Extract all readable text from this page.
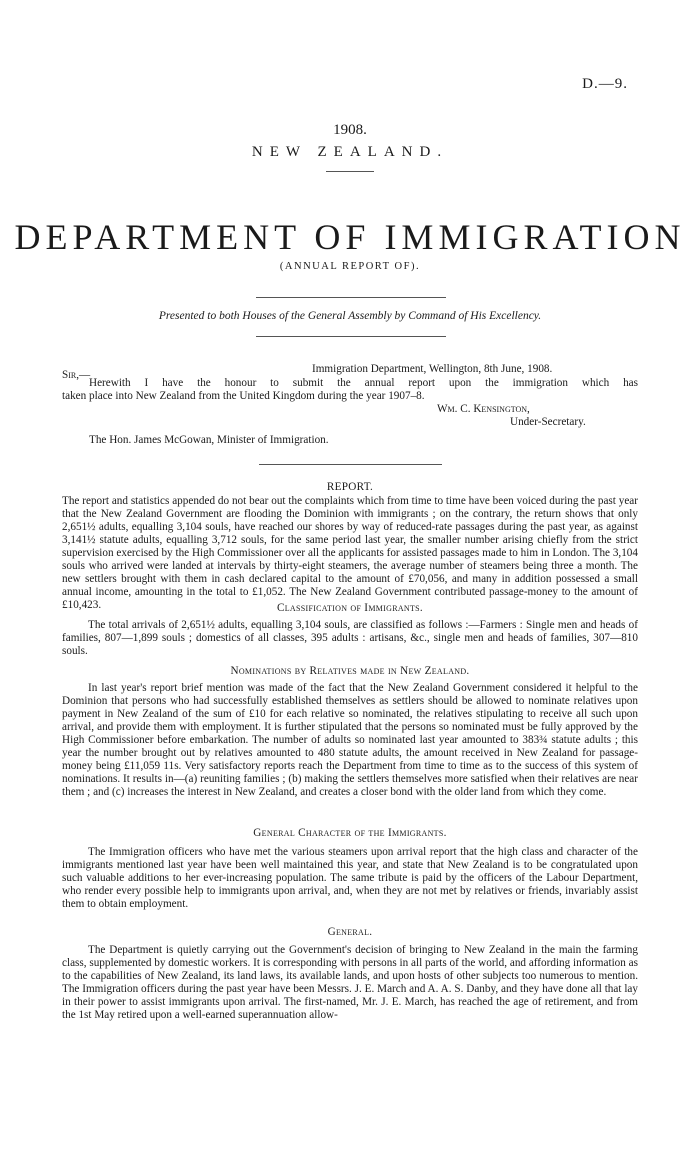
D.—9.
1908.
NEW ZEALAND.
DEPARTMENT OF IMMIGRATION
(ANNUAL REPORT OF).
Presented to both Houses of the General Assembly by Command of His Excellency.
Sir,—	Immigration Department, Wellington, 8th June, 1908.
Herewith I have the honour to submit the annual report upon the immigration which has
taken place into New Zealand from the United Kingdom during the year 1907–8.
Wm. C. Kensington,
Under-Secretary.
The Hon. James McGowan, Minister of Immigration.
REPORT.

The report and statistics appended do not bear out the complaints which from time to time have been voiced during the past year that the New Zealand Government are flooding the Dominion with immigrants ; on the contrary, the return shows that only 2,651½ adults, equalling 3,104 souls, have reached our shores by way of reduced-rate passages during the past year, as against 3,141½ statute adults, equalling 3,712 souls, for the same period last year, the smaller number arising chiefly from the strict supervision exercised by the High Commissioner over all the applicants for assisted passages made to him in London. The 3,104 souls who arrived were landed at intervals by thirty-eight steamers, the average number of steamers being three a month. The new settlers brought with them in cash declared capital to the amount of £70,056, and many in addition possessed a small annual income, amounting in the total to £1,052. The New Zealand Government contributed passage-money to the amount of £10,423.	Classification of Immigrants.

The total arrivals of 2,651½ adults, equalling 3,104 souls, are classified as follows :—Farmers : Single men and heads of families, 807—1,899 souls ; domestics of all classes, 395 adults : artisans, &c., single men and heads of families, 307—810 souls.

Nominations by Relatives made in New Zealand.

In last year's report brief mention was made of the fact that the New Zealand Government considered it helpful to the Dominion that persons who had successfully established themselves as settlers should be allowed to nominate relatives upon payment in New Zealand of the sum of £10 for each relative so nominated, the relatives stipulating to receive all such upon arrival, and provide them with employment. It is further stipulated that the persons so nominated must be fully approved by the High Commissioner before embarkation. The number of adults so nominated last year amounted to 383¾ statute adults ; this year the number brought out by relatives amounted to 480 statute adults, the amount received in New Zealand for passage-money being £11,059 11s. Very satisfactory reports reach the Department from time to time as to the success of this system of nominations. It results in—(a) reuniting families ; (b) making the settlers themselves more satisfied when their relatives are near them ; and (c) increases the interest in New Zealand, and creates a closer bond with the older land from which they come.

General Character of the Immigrants.

The Immigration officers who have met the various steamers upon arrival report that the high class and character of the immigrants mentioned last year have been well maintained this year, and state that New Zealand is to be congratulated upon such valuable additions to her ever-increasing population. The same tribute is paid by the officers of the Labour Department, who render every possible help to immigrants upon arrival, and, when they are not met by relatives or friends, invariably assist them to obtain employment.

General.

The Department is quietly carrying out the Government's decision of bringing to New Zealand in the main the farming class, supplemented by domestic workers. It is corresponding with persons in all parts of the world, and affording information as to the capabilities of New Zealand, its land laws, its available lands, and upon hosts of other subjects too numerous to mention. The Immigration officers during the past year have been Messrs. J. E. March and A. A. S. Danby, and they have done all that lay in their power to assist immigrants upon arrival. The first-named, Mr. J. E. March, has reached the age of retirement, and from the 1st May retired upon a well-earned superannuation allow-
